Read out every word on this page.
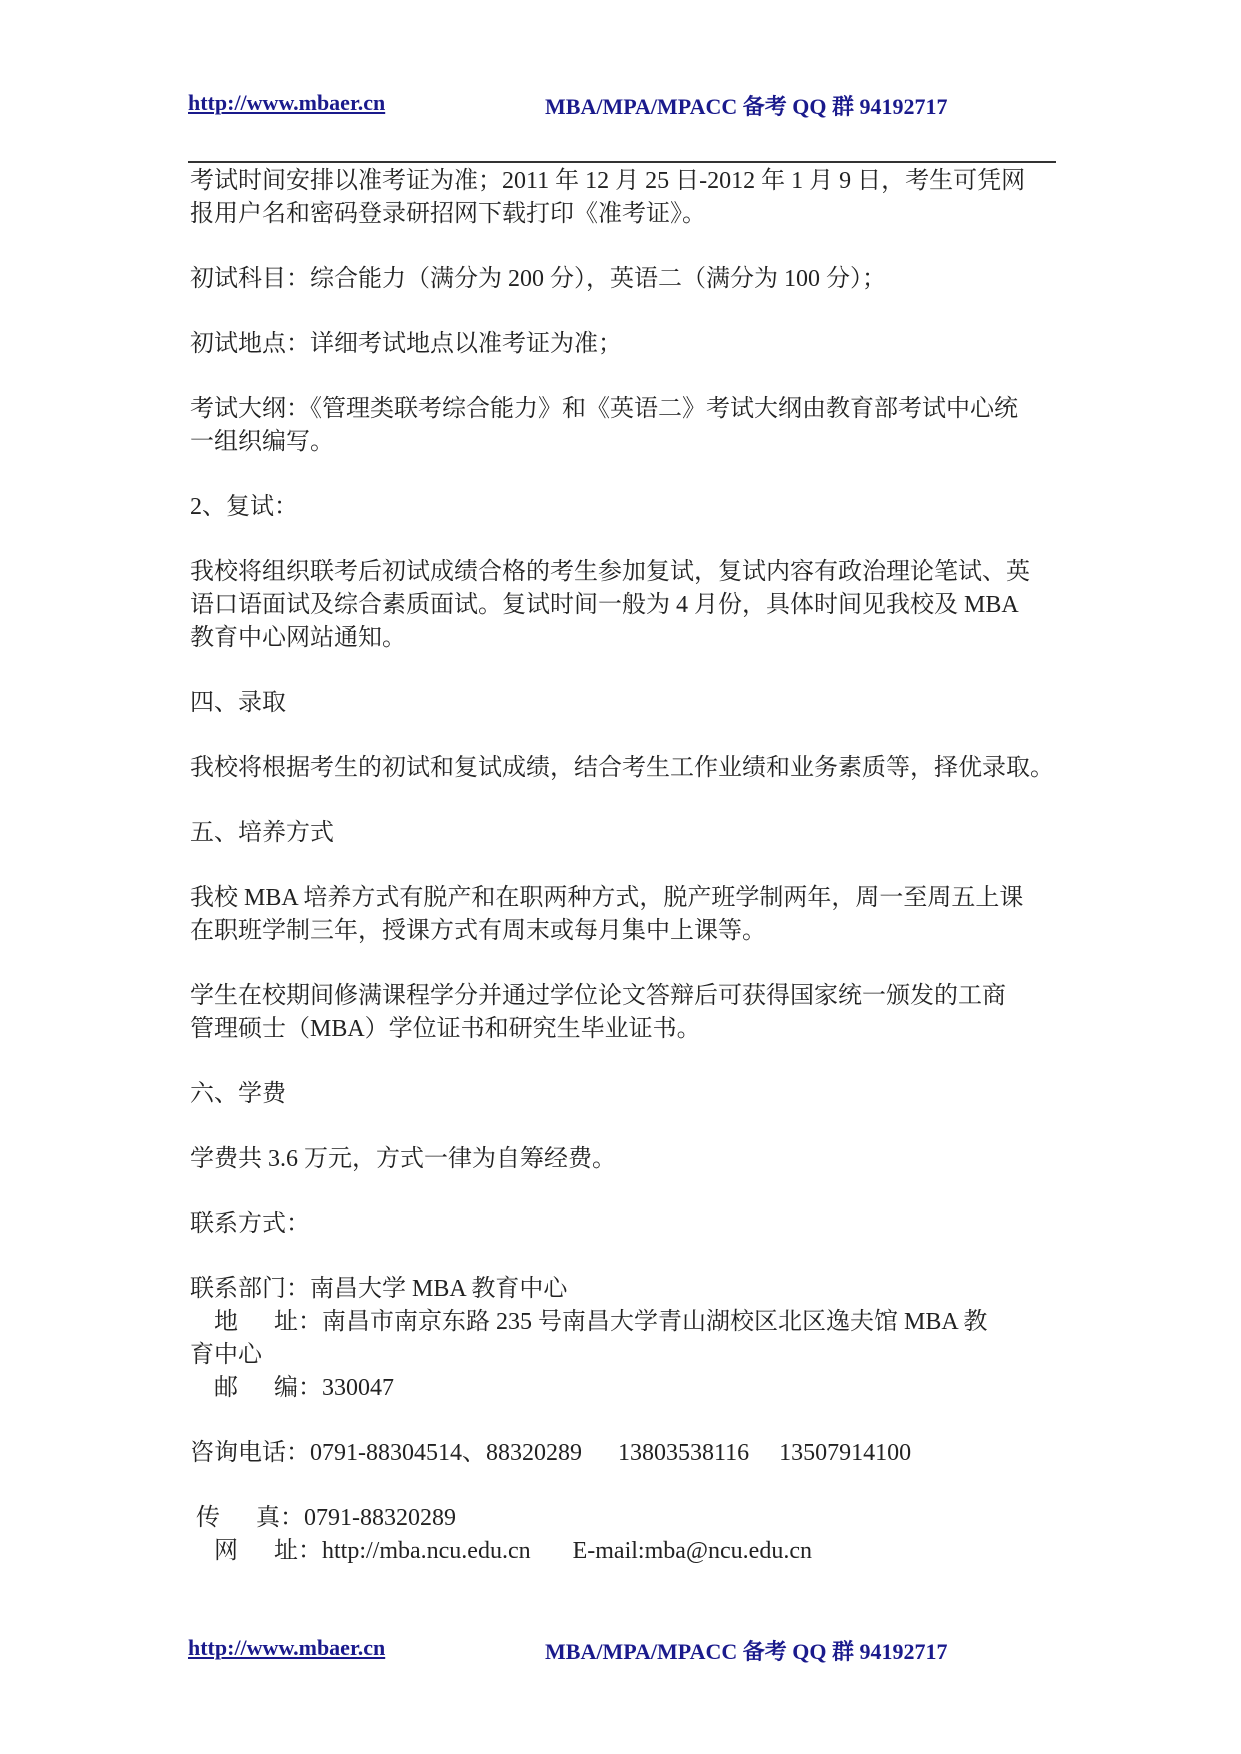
http://www.mbaer.cn	MBA/MPA/MPACC 备考 QQ 群 94192717
考试时间安排以准考证为准；2011 年 12 月 25 日-2012 年 1 月 9 日，考生可凭网
报用户名和密码登录研招网下载打印《准考证》。
初试科目：综合能力（满分为 200 分），英语二（满分为 100 分）；
初试地点：详细考试地点以准考证为准；
考试大纲：《管理类联考综合能力》和《英语二》考试大纲由教育部考试中心统
一组织编写。
2、复试：
我校将组织联考后初试成绩合格的考生参加复试，复试内容有政治理论笔试、英
语口语面试及综合素质面试。复试时间一般为 4 月份，具体时间见我校及 MBA
教育中心网站通知。
四、录取
我校将根据考生的初试和复试成绩，结合考生工作业绩和业务素质等，择优录取。
五、培养方式
我校 MBA 培养方式有脱产和在职两种方式，脱产班学制两年，周一至周五上课
在职班学制三年，授课方式有周末或每月集中上课等。
学生在校期间修满课程学分并通过学位论文答辩后可获得国家统一颁发的工商
管理硕士（MBA）学位证书和研究生毕业证书。
六、学费
学费共 3.6 万元，方式一律为自筹经费。
联系方式：
联系部门：南昌大学 MBA 教育中心
地      址：南昌市南京东路 235 号南昌大学青山湖校区北区逸夫馆 MBA 教
育中心
邮      编：330047
咨询电话：0791-88304514、88320289      13803538116     13507914100
传      真：0791-88320289
网      址：http://mba.ncu.edu.cn       E-mail:mba@ncu.edu.cn
http://www.mbaer.cn	MBA/MPA/MPACC 备考 QQ 群 94192717
